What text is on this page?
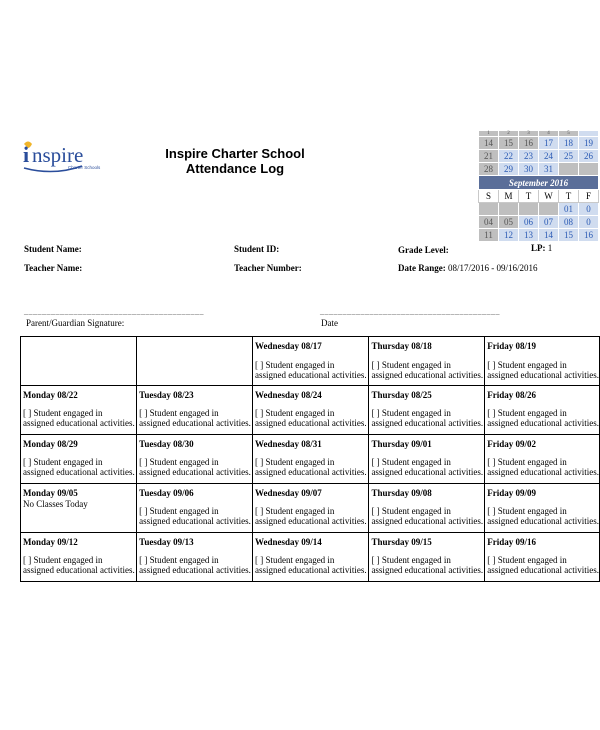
i nspire
Charter Schools
Inspire Charter School
Attendance Log
1	2	3	4	5	
14	15	16	17	18	19
21	22	23	24	25	26
28	29	30	31		
September 2016					
S	M	T	W	T	F
				01	0
04	05	06	07	08	0
11	12	13	14	15	16
Student Name:	Student ID:	Grade Level:	LP: 1
Teacher Name:	Teacher Number:	Date Range: 08/17/2016 - 09/16/2016
________________________________________
Parent/Guardian Signature:
________________________________________
Date

		Wednesday 08/17
[ ] Student engaged in
assigned educational activities.	Thursday 08/18
[ ] Student engaged in
assigned educational activities.	Friday 08/19
[ ] Student engaged in
assigned educational activities.

Monday 08/22
[ ] Student engaged in
assigned educational activities.	Tuesday 08/23
[ ] Student engaged in
assigned educational activities.	Wednesday 08/24
[ ] Student engaged in
assigned educational activities.	Thursday 08/25
[ ] Student engaged in
assigned educational activities.	Friday 08/26
[ ] Student engaged in
assigned educational activities.

Monday 08/29
[ ] Student engaged in
assigned educational activities.	Tuesday 08/30
[ ] Student engaged in
assigned educational activities.	Wednesday 08/31
[ ] Student engaged in
assigned educational activities.	Thursday 09/01
[ ] Student engaged in
assigned educational activities.	Friday 09/02
[ ] Student engaged in
assigned educational activities.

Monday 09/05
No Classes Today	Tuesday 09/06
[ ] Student engaged in
assigned educational activities.	Wednesday 09/07
[ ] Student engaged in
assigned educational activities.	Thursday 09/08
[ ] Student engaged in
assigned educational activities.	Friday 09/09
[ ] Student engaged in
assigned educational activities.

Monday 09/12
[ ] Student engaged in
assigned educational activities.	Tuesday 09/13
[ ] Student engaged in
assigned educational activities.	Wednesday 09/14
[ ] Student engaged in
assigned educational activities.	Thursday 09/15
[ ] Student engaged in
assigned educational activities.	Friday 09/16
[ ] Student engaged in
assigned educational activities.
